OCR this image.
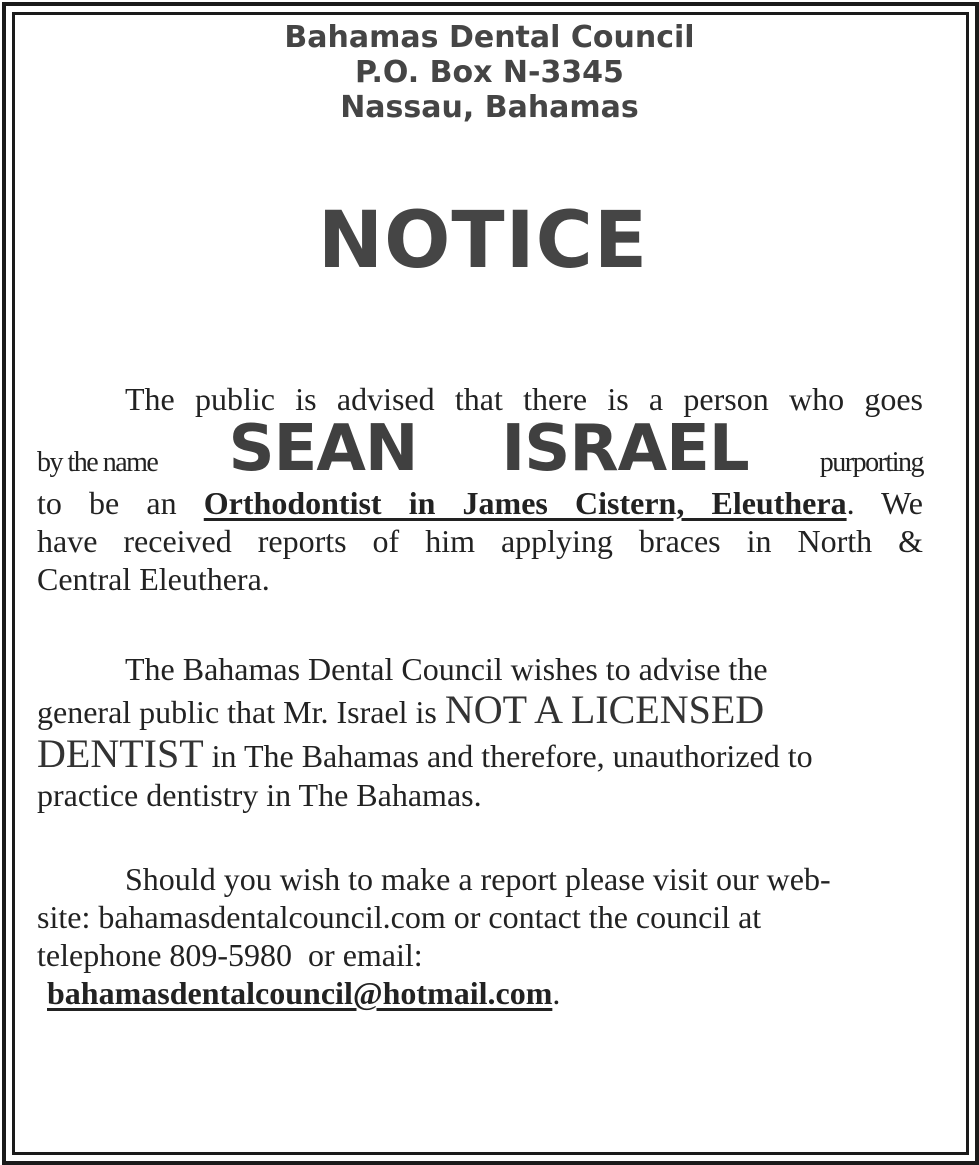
Bahamas Dental Council
P.O. Box N-3345
Nassau, Bahamas
NOTICE
The public is advised that there is a person who goes
by the name SEAN ISRAEL	purporting
to be an Orthodontist in James Cistern, Eleuthera. We
have received reports of him applying braces in North &
Central Eleuthera.
The Bahamas Dental Council wishes to advise the
general public that Mr. Israel is NOT A LICENSED
DENTIST in The Bahamas and therefore, unauthorized to
practice dentistry in The Bahamas.
Should you wish to make a report please visit our web-
site: bahamasdentalcouncil.com or contact the council at
telephone 809-5980  or email:
bahamasdentalcouncil@hotmail.com.
